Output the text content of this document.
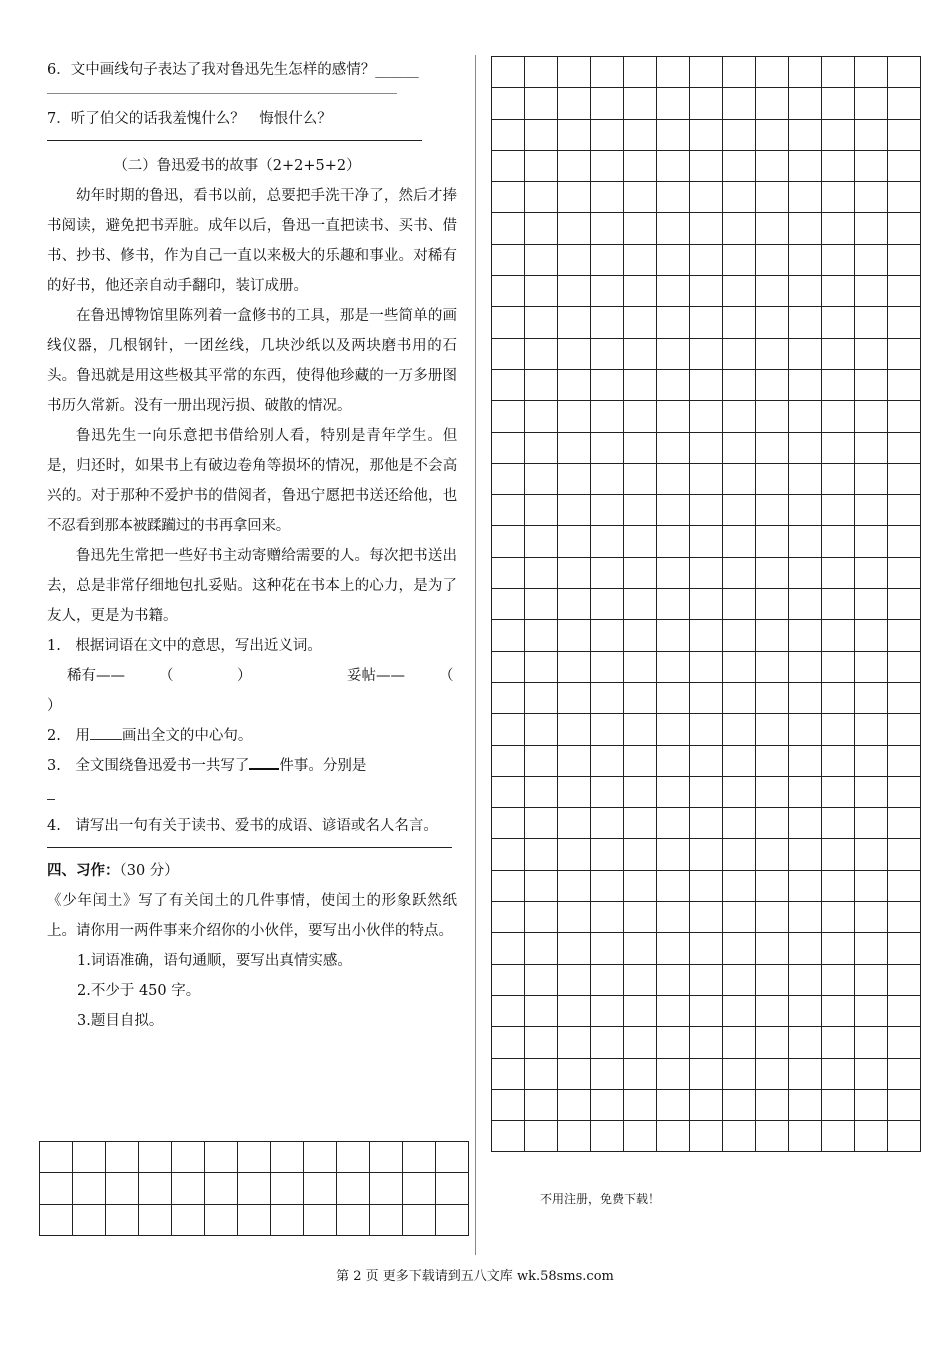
6．文中画线句子表达了我对鲁迅先生怎样的感情？______
7．听了伯父的话我羞愧什么？　悔恨什么？
（二）鲁迅爱书的故事（2+2+5+2）

幼年时期的鲁迅，看书以前，总要把手洗干净了，然后才捧书阅读，避免把书弄脏。成年以后，鲁迅一直把读书、买书、借书、抄书、修书，作为自己一直以来极大的乐趣和事业。对稀有的好书，他还亲自动手翻印，装订成册。

在鲁迅博物馆里陈列着一盒修书的工具，那是一些简单的画线仪器，几根钢针，一团丝线，几块沙纸以及两块磨书用的石头。鲁迅就是用这些极其平常的东西，使得他珍藏的一万多册图书历久常新。没有一册出现污损、破散的情况。

鲁迅先生一向乐意把书借给别人看，特别是青年学生。但是，归还时，如果书上有破边卷角等损坏的情况，那他是不会高兴的。对于那种不爱护书的借阅者，鲁迅宁愿把书送还给他，也不忍看到那本被蹂躏过的书再拿回来。

鲁迅先生常把一些好书主动寄赠给需要的人。每次把书送出去，总是非常仔细地包扎妥贴。这种花在书本上的心力，是为了友人，更是为书籍。

1.　根据词语在文中的意思，写出近义词。
稀有—— （	）	妥帖—— （
）
2.　用 画出全文的中心句。
3.　全文围绕鲁迅爱书一共写了 件事。分别是
4.　请写出一句有关于读书、爱书的成语、谚语或名人名言。
四、习作：（30 分）

《少年闰土》写了有关闰土的几件事情，使闰土的形象跃然纸上。请你用一两件事来介绍你的小伙伴，要写出小伙伴的特点。

1.词语准确，语句通顺，要写出真情实感。
2.不少于 450 字。
3.题目自拟。

不用注册，免费下载！
第 2 页 更多下载请到五八文库 wk.58sms.com
